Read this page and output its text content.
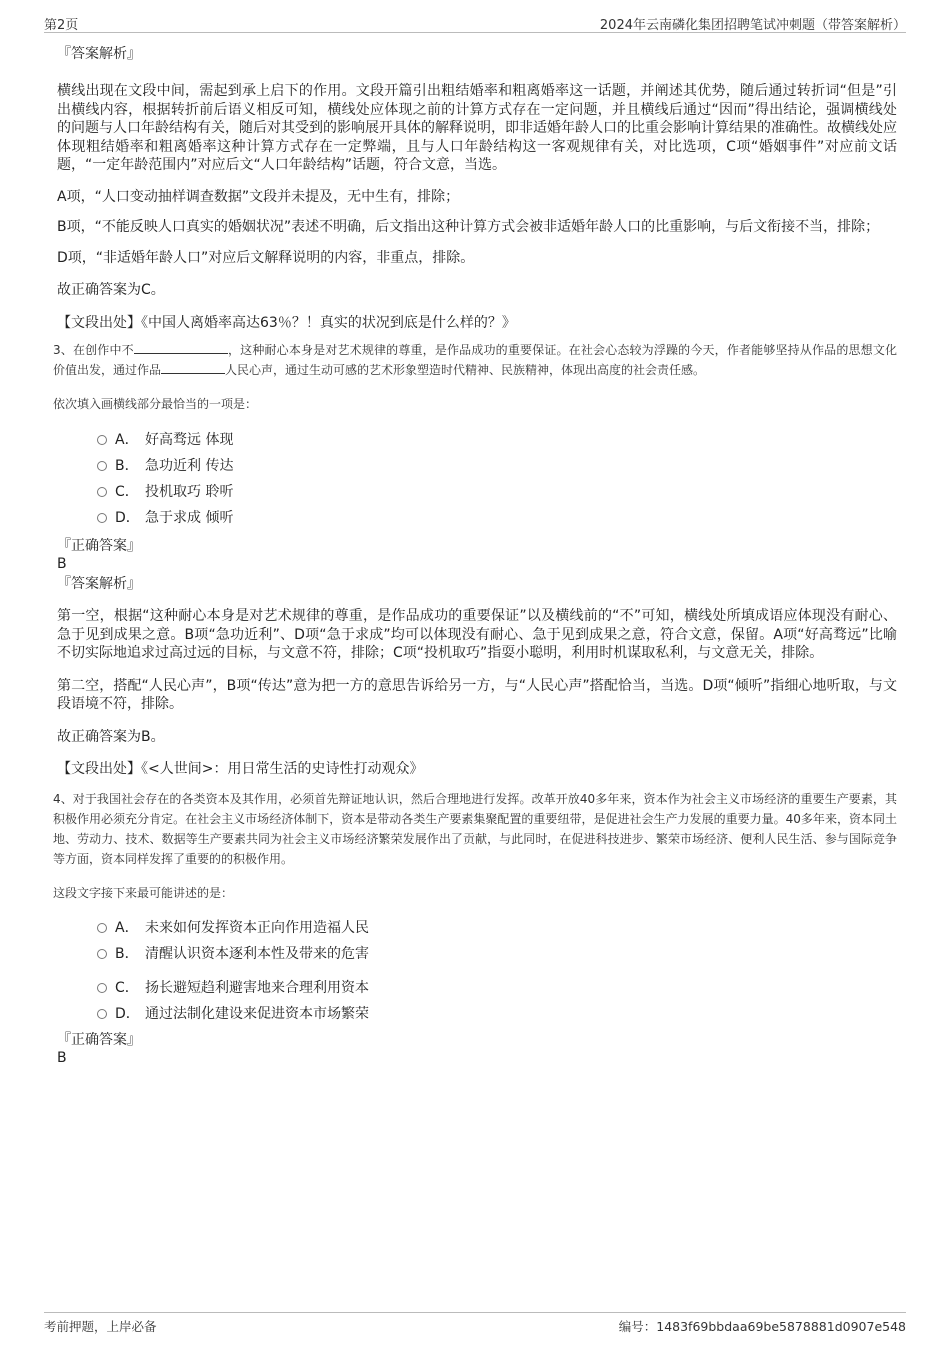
第2页	2024年云南磷化集团招聘笔试冲刺题（带答案解析）

『答案解析』

横线出现在文段中间，需起到承上启下的作用。文段开篇引出粗结婚率和粗离婚率这一话题，并阐述其优势，随后通过转折词“但是”引出横线内容，根据转折前后语义相反可知，横线处应体现之前的计算方式存在一定问题，并且横线后通过“因而”得出结论，强调横线处的问题与人口年龄结构有关，随后对其受到的影响展开具体的解释说明，即非适婚年龄人口的比重会影响计算结果的准确性。故横线处应体现粗结婚率和粗离婚率这种计算方式存在一定弊端，且与人口年龄结构这一客观规律有关，对比选项，C项“婚姻事件”对应前文话题，“一定年龄范围内”对应后文“人口年龄结构”话题，符合文意，当选。

A项，“人口变动抽样调查数据”文段并未提及，无中生有，排除；

B项，“不能反映人口真实的婚姻状况”表述不明确，后文指出这种计算方式会被非适婚年龄人口的比重影响，与后文衔接不当，排除；

D项，“非适婚年龄人口”对应后文解释说明的内容，非重点，排除。

故正确答案为C。

【文段出处】《中国人离婚率高达63％？！真实的状况到底是什么样的？》

3、在创作中不	，这种耐心本身是对艺术规律的尊重，是作品成功的重要保证。在社会心态较为浮躁的今天，作者能够坚持从作品的思想文化价值出发，通过作品	人民心声，通过生动可感的艺术形象塑造时代精神、民族精神，体现出高度的社会责任感。

依次填入画横线部分最恰当的一项是：

A． 好高骛远 体现
B． 急功近利 传达
C． 投机取巧 聆听
D． 急于求成 倾听

『正确答案』

B

『答案解析』

第一空，根据“这种耐心本身是对艺术规律的尊重，是作品成功的重要保证”以及横线前的“不”可知，横线处所填成语应体现没有耐心、急于见到成果之意。B项“急功近利”、D项“急于求成”均可以体现没有耐心、急于见到成果之意，符合文意，保留。A项“好高骛远”比喻不切实际地追求过高过远的目标，与文意不符，排除；C项“投机取巧”指耍小聪明，利用时机谋取私利，与文意无关，排除。

第二空，搭配“人民心声”，B项“传达”意为把一方的意思告诉给另一方，与“人民心声”搭配恰当，当选。D项“倾听”指细心地听取，与文段语境不符，排除。

故正确答案为B。

【文段出处】《<人世间>：用日常生活的史诗性打动观众》

4、对于我国社会存在的各类资本及其作用，必须首先辩证地认识，然后合理地进行发挥。改革开放40多年来，资本作为社会主义市场经济的重要生产要素，其积极作用必须充分肯定。在社会主义市场经济体制下，资本是带动各类生产要素集聚配置的重要纽带，是促进社会生产力发展的重要力量。40多年来，资本同土地、劳动力、技术、数据等生产要素共同为社会主义市场经济繁荣发展作出了贡献，与此同时，在促进科技进步、繁荣市场经济、便利人民生活、参与国际竞争等方面，资本同样发挥了重要的的积极作用。

这段文字接下来最可能讲述的是：

A． 未来如何发挥资本正向作用造福人民
B． 清醒认识资本逐利本性及带来的危害
C． 扬长避短趋利避害地来合理利用资本
D． 通过法制化建设来促进资本市场繁荣

『正确答案』

B

考前押题，上岸必备	编号：1483f69bbdaa69be5878881d0907e548
